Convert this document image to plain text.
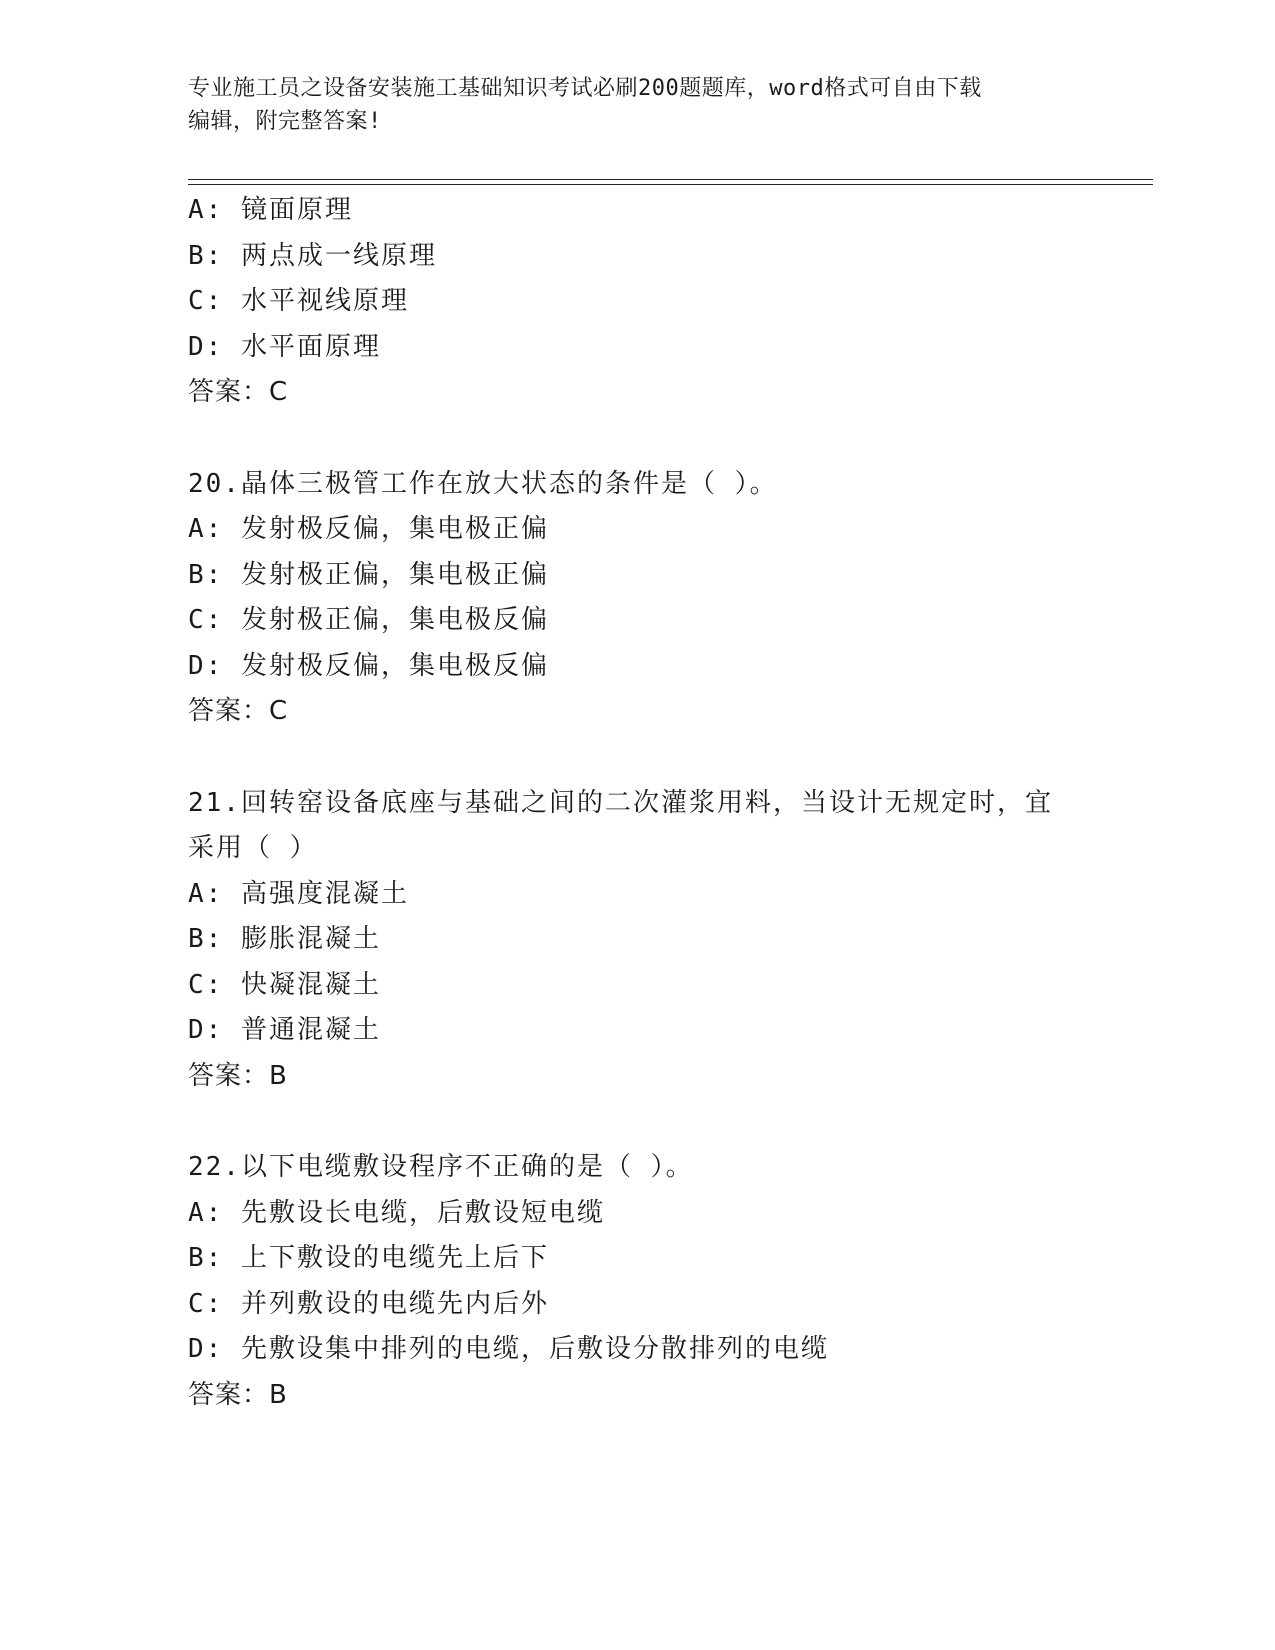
专业施工员之设备安装施工基础知识考试必刷200题题库，word格式可自由下载
编辑，附完整答案!
A: 镜面原理
B: 两点成一线原理
C: 水平视线原理
D: 水平面原理
答案：C
20.晶体三极管工作在放大状态的条件是（ ）。
A: 发射极反偏，集电极正偏
B: 发射极正偏，集电极正偏
C: 发射极正偏，集电极反偏
D: 发射极反偏，集电极反偏
答案：C
21.回转窑设备底座与基础之间的二次灌浆用料，当设计无规定时，宜
采用（ ）
A: 高强度混凝土
B: 膨胀混凝土
C: 快凝混凝土
D: 普通混凝土
答案：B
22.以下电缆敷设程序不正确的是（ ）。
A: 先敷设长电缆，后敷设短电缆
B: 上下敷设的电缆先上后下
C: 并列敷设的电缆先内后外
D: 先敷设集中排列的电缆，后敷设分散排列的电缆
答案：B
